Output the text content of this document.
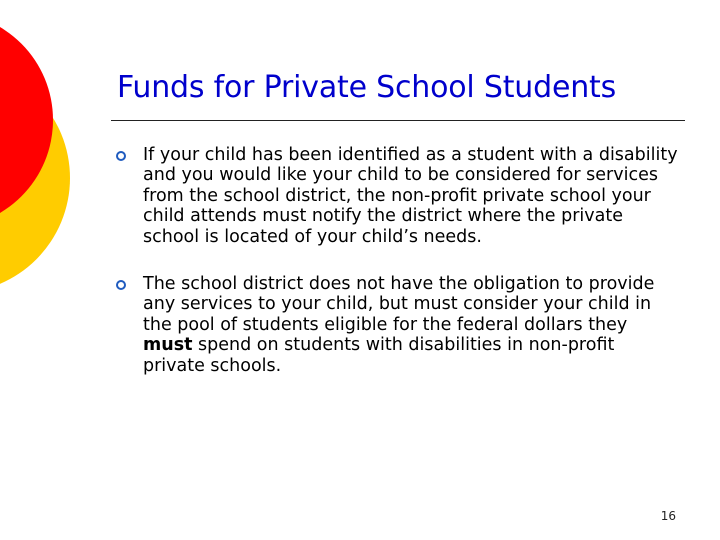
Funds for Private School Students
If your child has been identified as a student with a disability and you would like your child to be considered for services from the school district, the non-profit private school your child attends must notify the district where the private school is located of your child’s needs.
The school district does not have the obligation to provide any services to your child, but must consider your child in the pool of students eligible for the federal dollars they must spend on students with disabilities in non-profit private schools.
16
